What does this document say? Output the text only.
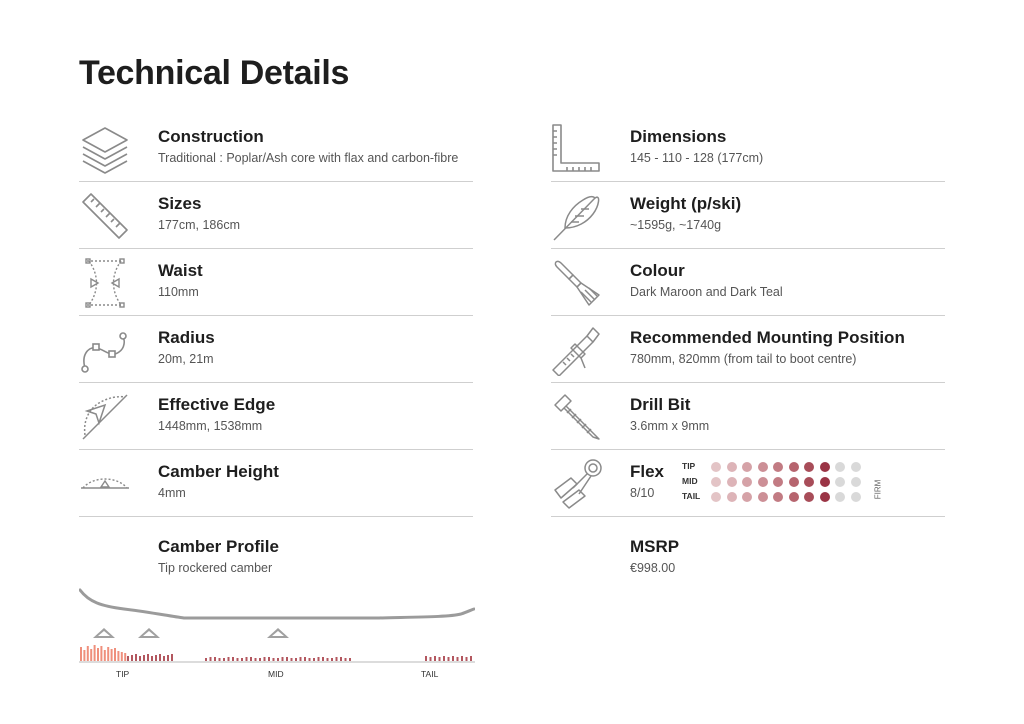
Technical Details
Construction
Traditional : Poplar/Ash core with flax and carbon-fibre
Sizes
177cm, 186cm
Waist
110mm
Radius
20m, 21m
Effective Edge
1448mm, 1538mm
Camber Height
4mm
Camber Profile
Tip rockered camber
TIP	MID	TAIL
Dimensions
145 - 110 - 128 (177cm)
Weight (p/ski)
~1595g, ~1740g
Colour
Dark Maroon and Dark Teal
Recommended Mounting Position
780mm, 820mm (from tail to boot centre)
Drill Bit
3.6mm x 9mm
Flex
8/10	FIRM
TIP
MID
TAIL
MSRP
€998.00
